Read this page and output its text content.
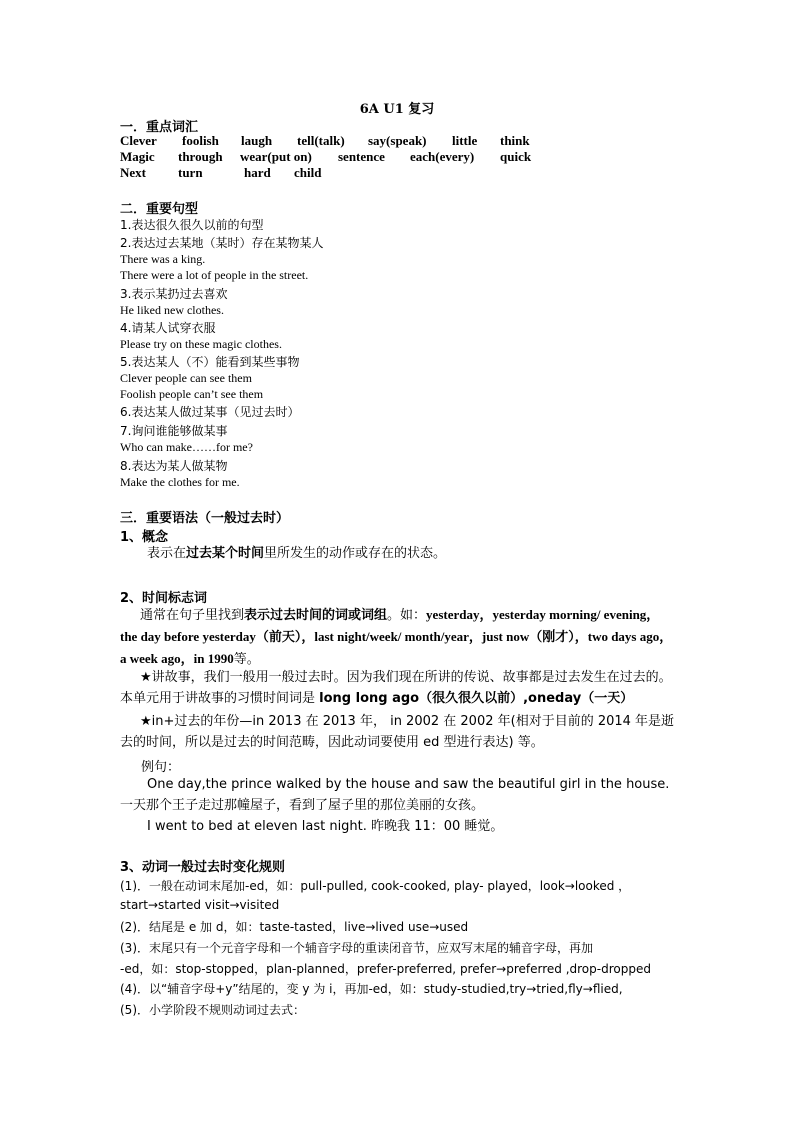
6A U1 复习
一．重点词汇
Clever foolish laugh tell(talk) say(speak) little think
Magic through wear(put on) sentence each(every) quick
Next turn	hard child
二．重要句型
1.表达很久很久以前的句型
2.表达过去某地（某时）存在某物某人
There was a king.
There were a lot of people in the street.
3.表示某扔过去喜欢
He liked new clothes.
4.请某人试穿衣服
Please try on these magic clothes.
5.表达某人（不）能看到某些事物
Clever people can see them
Foolish people can’t see them
6.表达某人做过某事（见过去时）
7.询问谁能够做某事
Who can make……for me?
8.表达为某人做某物
Make the clothes for me.
三．重要语法（一般过去时）
1、概念
表示在过去某个时间里所发生的动作或存在的状态。
2、时间标志词
通常在句子里找到表示过去时间的词或词组。如：yesterday，yesterday morning/ evening，the day before yesterday（前天），last night/week/ month/year，just now（刚才），two days ago，a week ago，in 1990等。
★讲故事，我们一般用一般过去时。因为我们现在所讲的传说、故事都是过去发生在过去的。本单元用于讲故事的习惯时间词是 long long ago（很久很久以前）,oneday（一天）
★in+过去的年份—in 2013 在 2013 年， in 2002 在 2002 年(相对于目前的 2014 年是逝去的时间，所以是过去的时间范畴，因此动词要使用 ed 型进行表达) 等。
例句：
One day,the prince walked by the house and saw the beautiful girl in the house.一天那个王子走过那幢屋子，看到了屋子里的那位美丽的女孩。
I went to bed at eleven last night. 昨晚我 11：00 睡觉。
3、动词一般过去时变化规则
(1)．一般在动词末尾加-ed，如：pull-pulled, cook-cooked, play- played，look→looked ，
start→started visit→visited
(2)．结尾是 e 加 d，如：taste-tasted，live→lived use→used
(3)．末尾只有一个元音字母和一个辅音字母的重读闭音节，应双写末尾的辅音字母，再加
-ed，如：stop-stopped，plan-planned，prefer-preferred, prefer→preferred ,drop-dropped
(4)．以“辅音字母+y”结尾的，变 y 为 i，再加-ed，如：study-studied,try→tried,fly→flied,
(5)．小学阶段不规则动词过去式：
